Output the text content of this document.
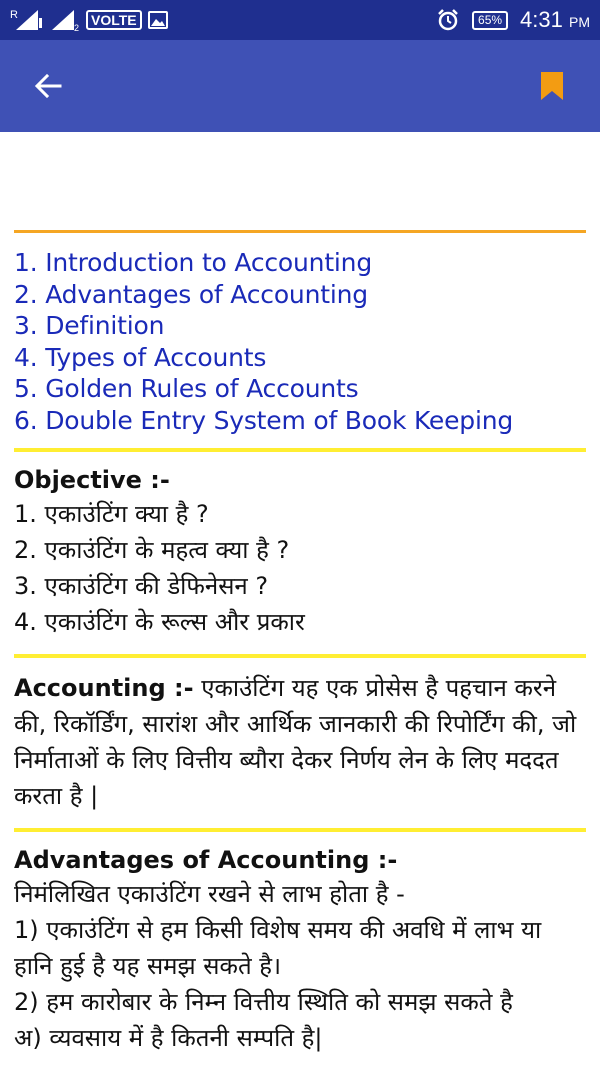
R
2 VOLTE	65% 4:31 PM
1. Introduction to Accounting
2. Advantages of Accounting
3. Definition
4. Types of Accounts
5. Golden Rules of Accounts
6. Double Entry System of Book Keeping
Objective :-

1. एकाउंटिंग क्या है ?

2. एकाउंटिंग के महत्व क्या है ?

3. एकाउंटिंग की डेफिनेसन ?

4. एकाउंटिंग के रूल्स और प्रकार

Accounting :- एकाउंटिंग यह एक प्रोसेस है पहचान करने की, रिकॉर्डिंग, सारांश और आर्थिक जानकारी की रिपोर्टिंग की, जो निर्माताओं के लिए वित्तीय ब्यौरा देकर निर्णय लेन के लिए मददत करता है |

Advantages of Accounting :-

निमंलिखित एकाउंटिंग रखने से लाभ होता है -

1) एकाउंटिंग से हम किसी विशेष समय की अवधि में लाभ या हानि हुई है यह समझ सकते है।

2) हम कारोबार के निम्न वित्तीय स्थिति को समझ सकते है

अ) व्यवसाय में है कितनी सम्पति है|
